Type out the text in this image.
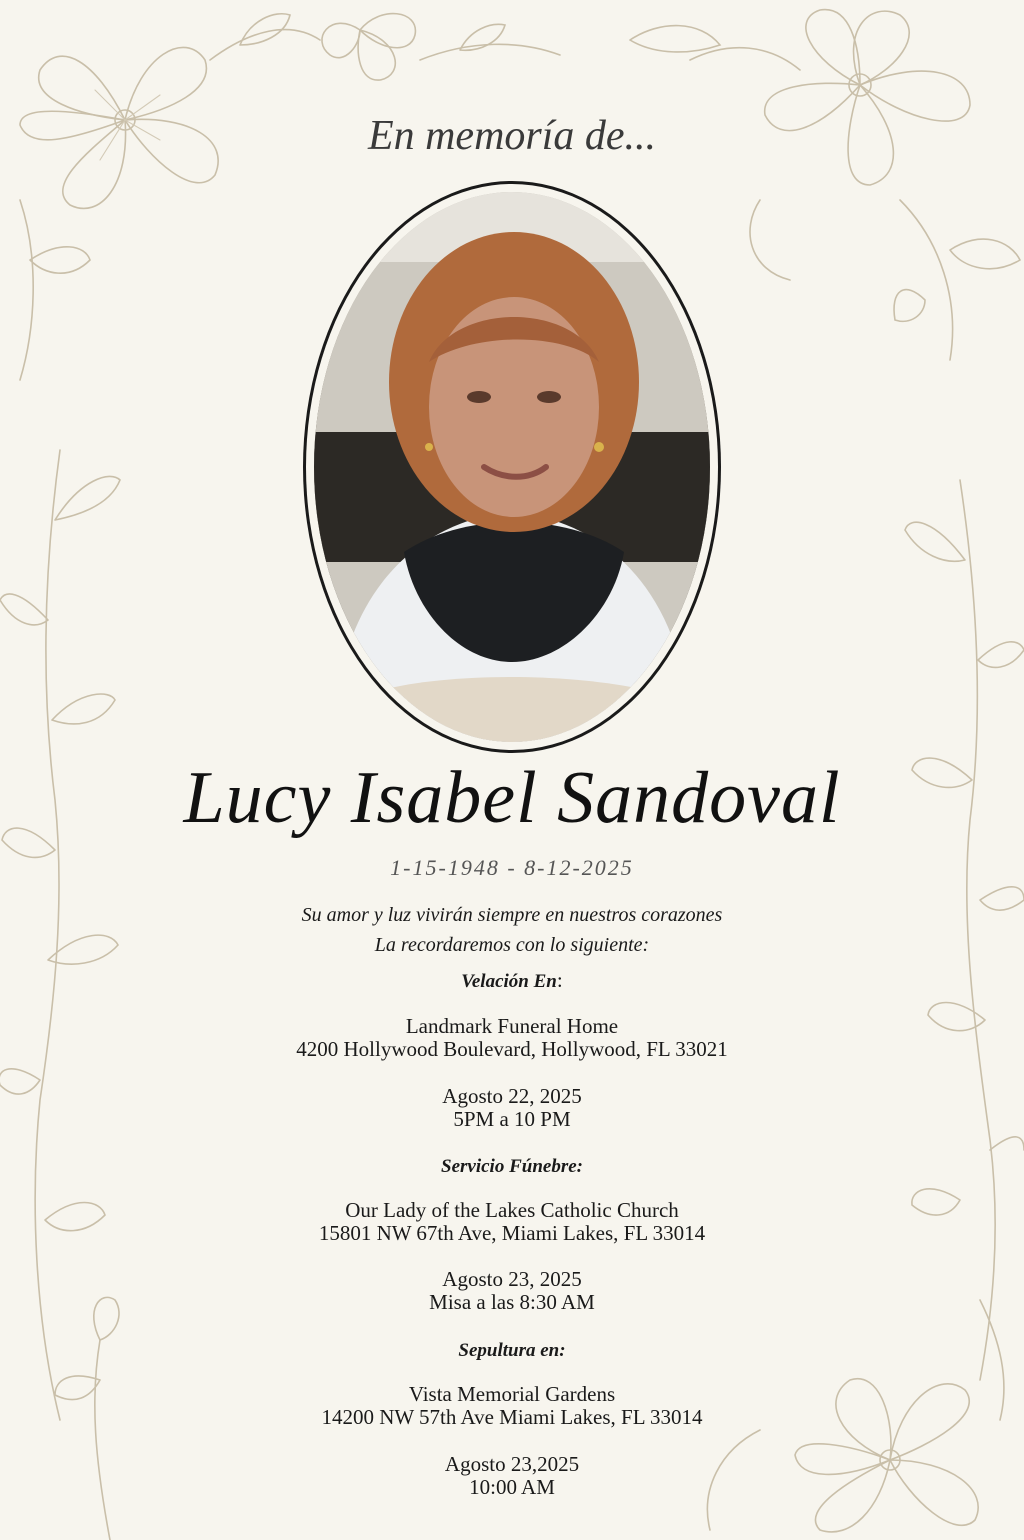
En memoría de...
Lucy Isabel Sandoval
1-15-1948 - 8-12-2025
Su amor y luz vivirán siempre en nuestros corazones
La recordaremos con lo siguiente:
Velación En:
Landmark Funeral Home
4200 Hollywood Boulevard, Hollywood, FL 33021
Agosto 22, 2025
5PM a 10 PM
Servicio Fúnebre:
Our Lady of the Lakes Catholic Church
15801 NW 67th Ave, Miami Lakes, FL 33014
Agosto 23, 2025
Misa a las 8:30 AM
Sepultura en:
Vista Memorial Gardens
14200 NW 57th Ave Miami Lakes, FL 33014
Agosto 23,2025
10:00 AM
